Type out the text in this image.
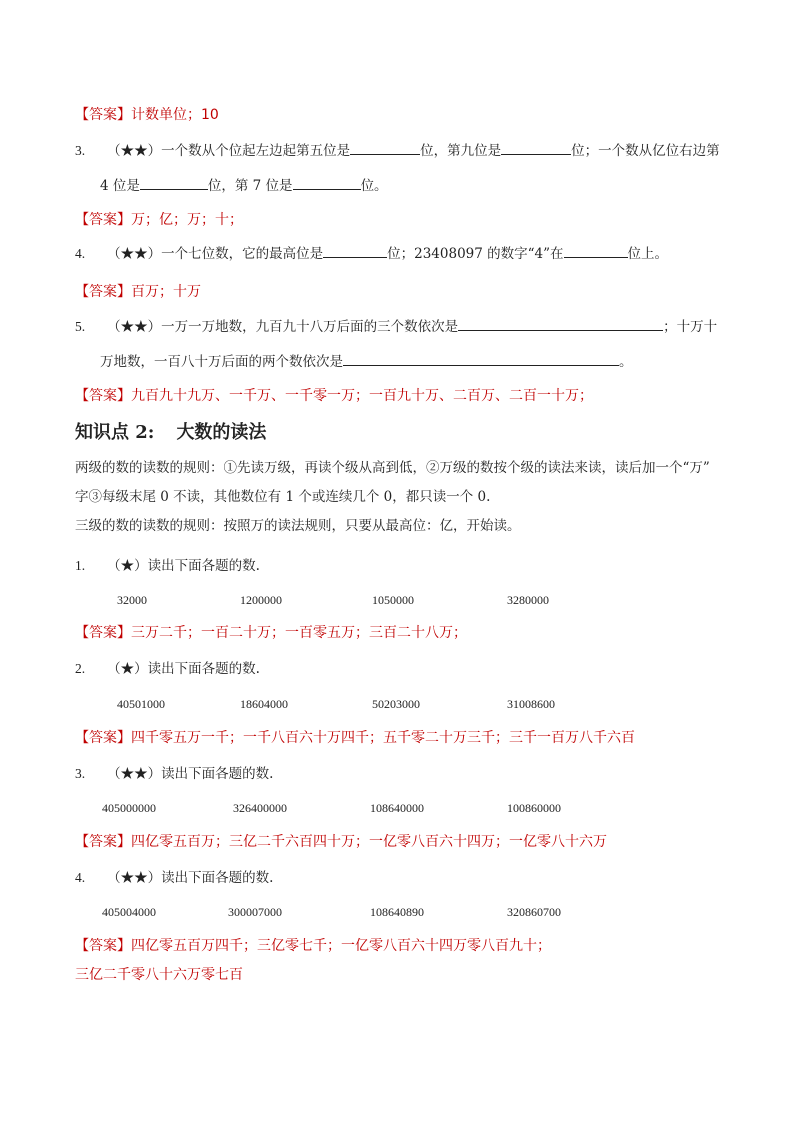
【答案】计数单位；10
3. （★★）一个数从个位起左边起第五位是	位，第九位是	位；一个数从亿位右边第
4 位是	位，第 7 位是	位。
【答案】万；亿；万；十；
4. （★★）一个七位数，它的最高位是	位；23408097 的数字“4”在	位上。
【答案】百万；十万
5. （★★）一万一万地数，九百九十八万后面的三个数依次是	；十万十
万地数，一百八十万后面的两个数依次是	。
【答案】九百九十九万、一千万、一千零一万；一百九十万、二百万、二百一十万；
知识点 2: 大数的读法
两级的数的读数的规则：①先读万级，再读个级从高到低，②万级的数按个级的读法来读，读后加一个“万”
字③每级末尾 0 不读，其他数位有 1 个或连续几个 0，都只读一个 0.
三级的数的读数的规则：按照万的读法规则，只要从最高位：亿，开始读。
1. （★）读出下面各题的数.
32000	1200000	1050000	3280000
【答案】三万二千；一百二十万；一百零五万；三百二十八万；
2. （★）读出下面各题的数.
40501000	18604000	50203000	31008600
【答案】四千零五万一千；一千八百六十万四千；五千零二十万三千；三千一百万八千六百
3. （★★）读出下面各题的数.
405000000	326400000	108640000	100860000
【答案】四亿零五百万；三亿二千六百四十万；一亿零八百六十四万；一亿零八十六万
4. （★★）读出下面各题的数.
405004000	300007000	108640890	320860700
【答案】四亿零五百万四千；三亿零七千；一亿零八百六十四万零八百九十；
三亿二千零八十六万零七百
